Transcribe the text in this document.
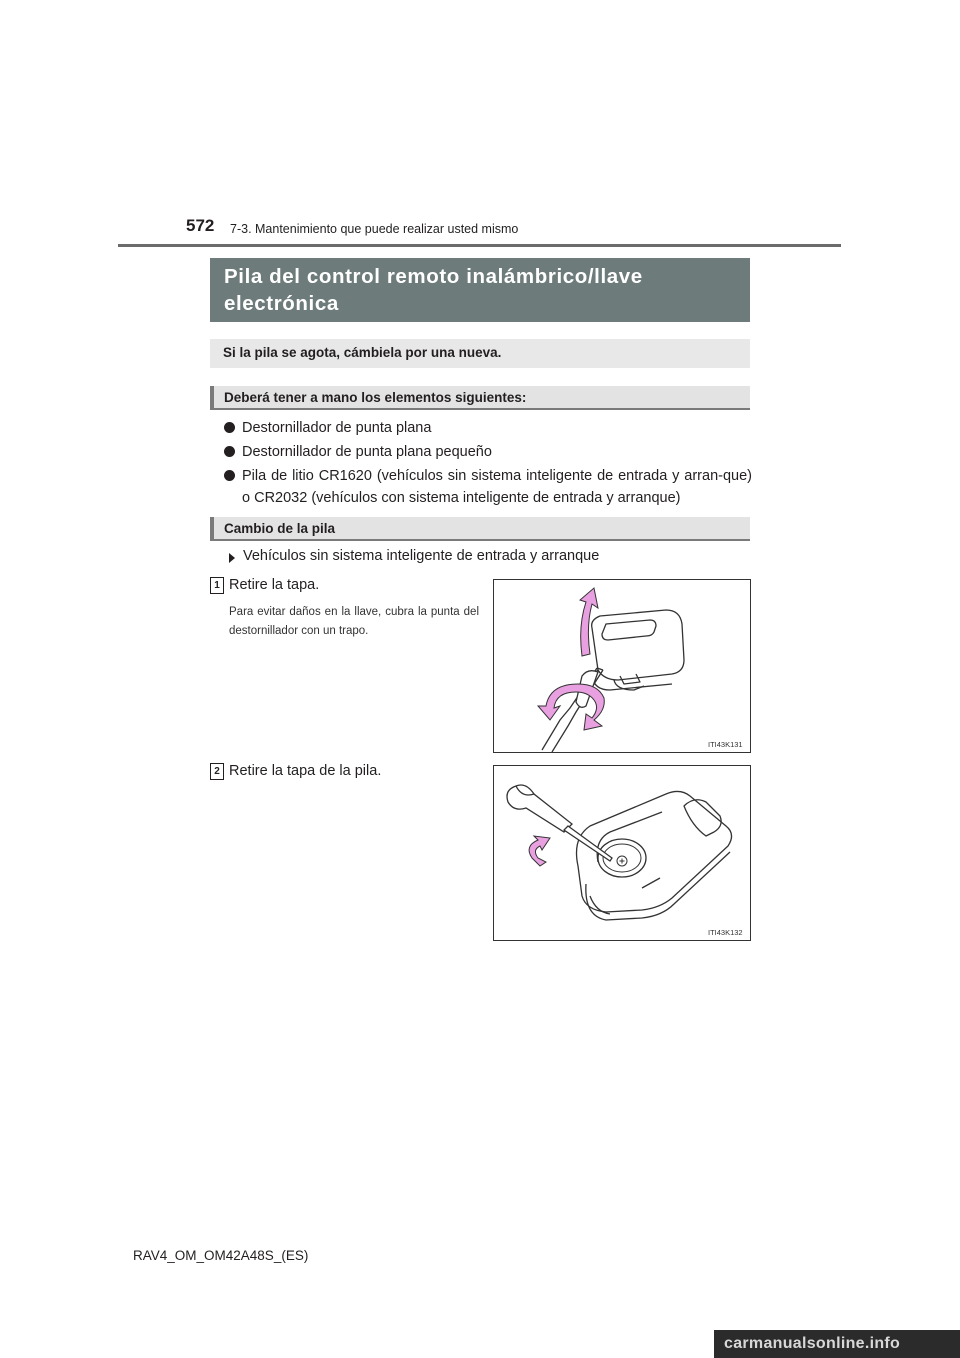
572 7-3. Mantenimiento que puede realizar usted mismo
Pila del control remoto inalámbrico/llave electrónica
Si la pila se agota, cámbiela por una nueva.
Deberá tener a mano los elementos siguientes:
Destornillador de punta plana
Destornillador de punta plana pequeño
Pila de litio CR1620 (vehículos sin sistema inteligente de entrada y arran-que) o CR2032 (vehículos con sistema inteligente de entrada y arranque)
Cambio de la pila
Vehículos sin sistema inteligente de entrada y arranque
1 Retire la tapa.
Para evitar daños en la llave, cubra la punta del destornillador con un trapo.
ITI43K131
2 Retire la tapa de la pila.
ITI43K132
RAV4_OM_OM42A48S_(ES)
carmanualsonline.info
